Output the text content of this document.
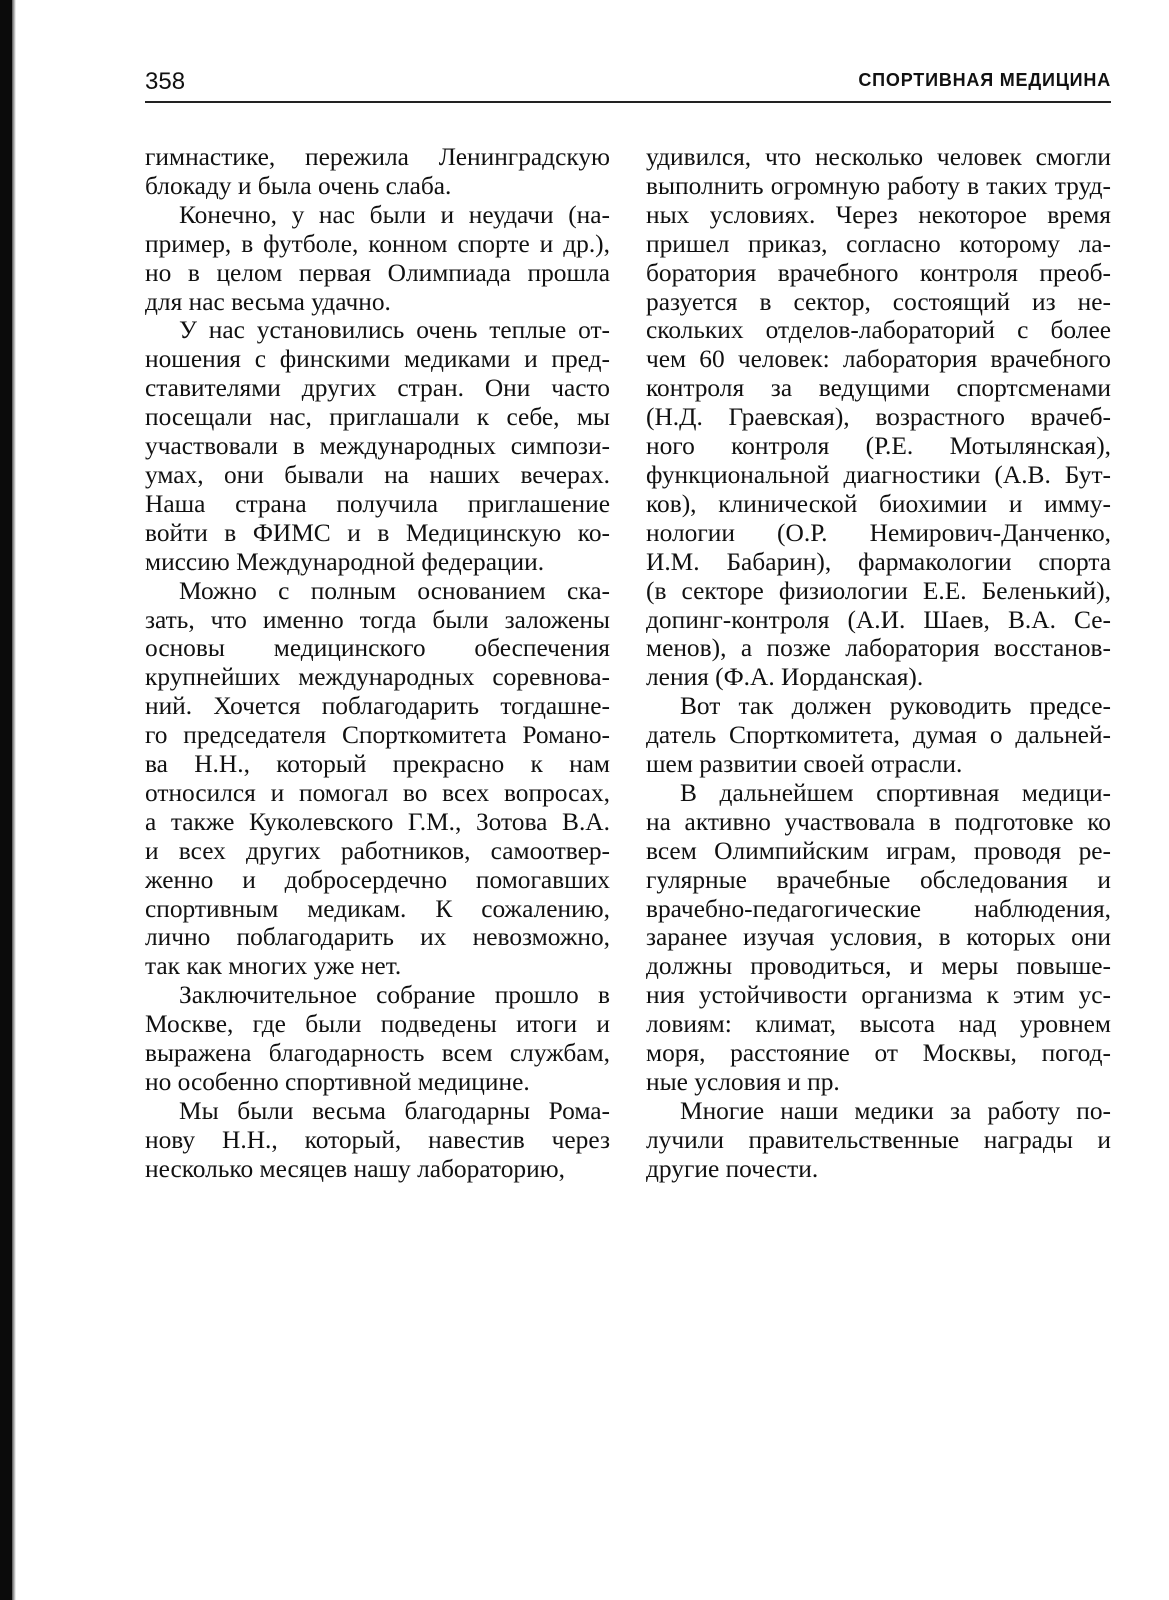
358	СПОРТИВНАЯ МЕДИЦИНА
гимнастике, пережила Ленинградскую
блокаду и была очень слаба.
Конечно, у нас были и неудачи (на-
пример, в футболе, конном спорте и др.),
но в целом первая Олимпиада прошла
для нас весьма удачно.
У нас установились очень теплые от-
ношения с финскими медиками и пред-
ставителями других стран. Они часто
посещали нас, приглашали к себе, мы
участвовали в международных симпози-
умах, они бывали на наших вечерах.
Наша страна получила приглашение
войти в ФИМС и в Медицинскую ко-
миссию Международной федерации.
Можно с полным основанием ска-
зать, что именно тогда были заложены
основы медицинского обеспечения
крупнейших международных соревнова-
ний. Хочется поблагодарить тогдашне-
го председателя Спорткомитета Романо-
ва Н.Н., который прекрасно к нам
относился и помогал во всех вопросах,
а также Куколевского Г.М., Зотова В.А.
и всех других работников, самоотвер-
женно и добросердечно помогавших
спортивным медикам. К сожалению,
лично поблагодарить их невозможно,
так как многих уже нет.
Заключительное собрание прошло в
Москве, где были подведены итоги и
выражена благодарность всем службам,
но особенно спортивной медицине.
Мы были весьма благодарны Рома-
нову Н.Н., который, навестив через
несколько месяцев нашу лабораторию,
удивился, что несколько человек смогли
выполнить огромную работу в таких труд-
ных условиях. Через некоторое время
пришел приказ, согласно которому ла-
боратория врачебного контроля преоб-
разуется в сектор, состоящий из не-
скольких отделов-лабораторий с более
чем 60 человек: лаборатория врачебного
контроля за ведущими спортсменами
(Н.Д. Граевская), возрастного врачеб-
ного контроля (Р.Е. Мотылянская),
функциональной диагностики (А.В. Бут-
ков), клинической биохимии и имму-
нологии (О.Р. Немирович-Данченко,
И.М. Бабарин), фармакологии спорта
(в секторе физиологии Е.Е. Беленький),
допинг-контроля (А.И. Шаев, В.А. Се-
менов), а позже лаборатория восстанов-
ления (Ф.А. Иорданская).
Вот так должен руководить предсе-
датель Спорткомитета, думая о дальней-
шем развитии своей отрасли.
В дальнейшем спортивная медици-
на активно участвовала в подготовке ко
всем Олимпийским играм, проводя ре-
гулярные врачебные обследования и
врачебно-педагогические наблюдения,
заранее изучая условия, в которых они
должны проводиться, и меры повыше-
ния устойчивости организма к этим ус-
ловиям: климат, высота над уровнем
моря, расстояние от Москвы, погод-
ные условия и пр.
Многие наши медики за работу по-
лучили правительственные награды и
другие почести.
